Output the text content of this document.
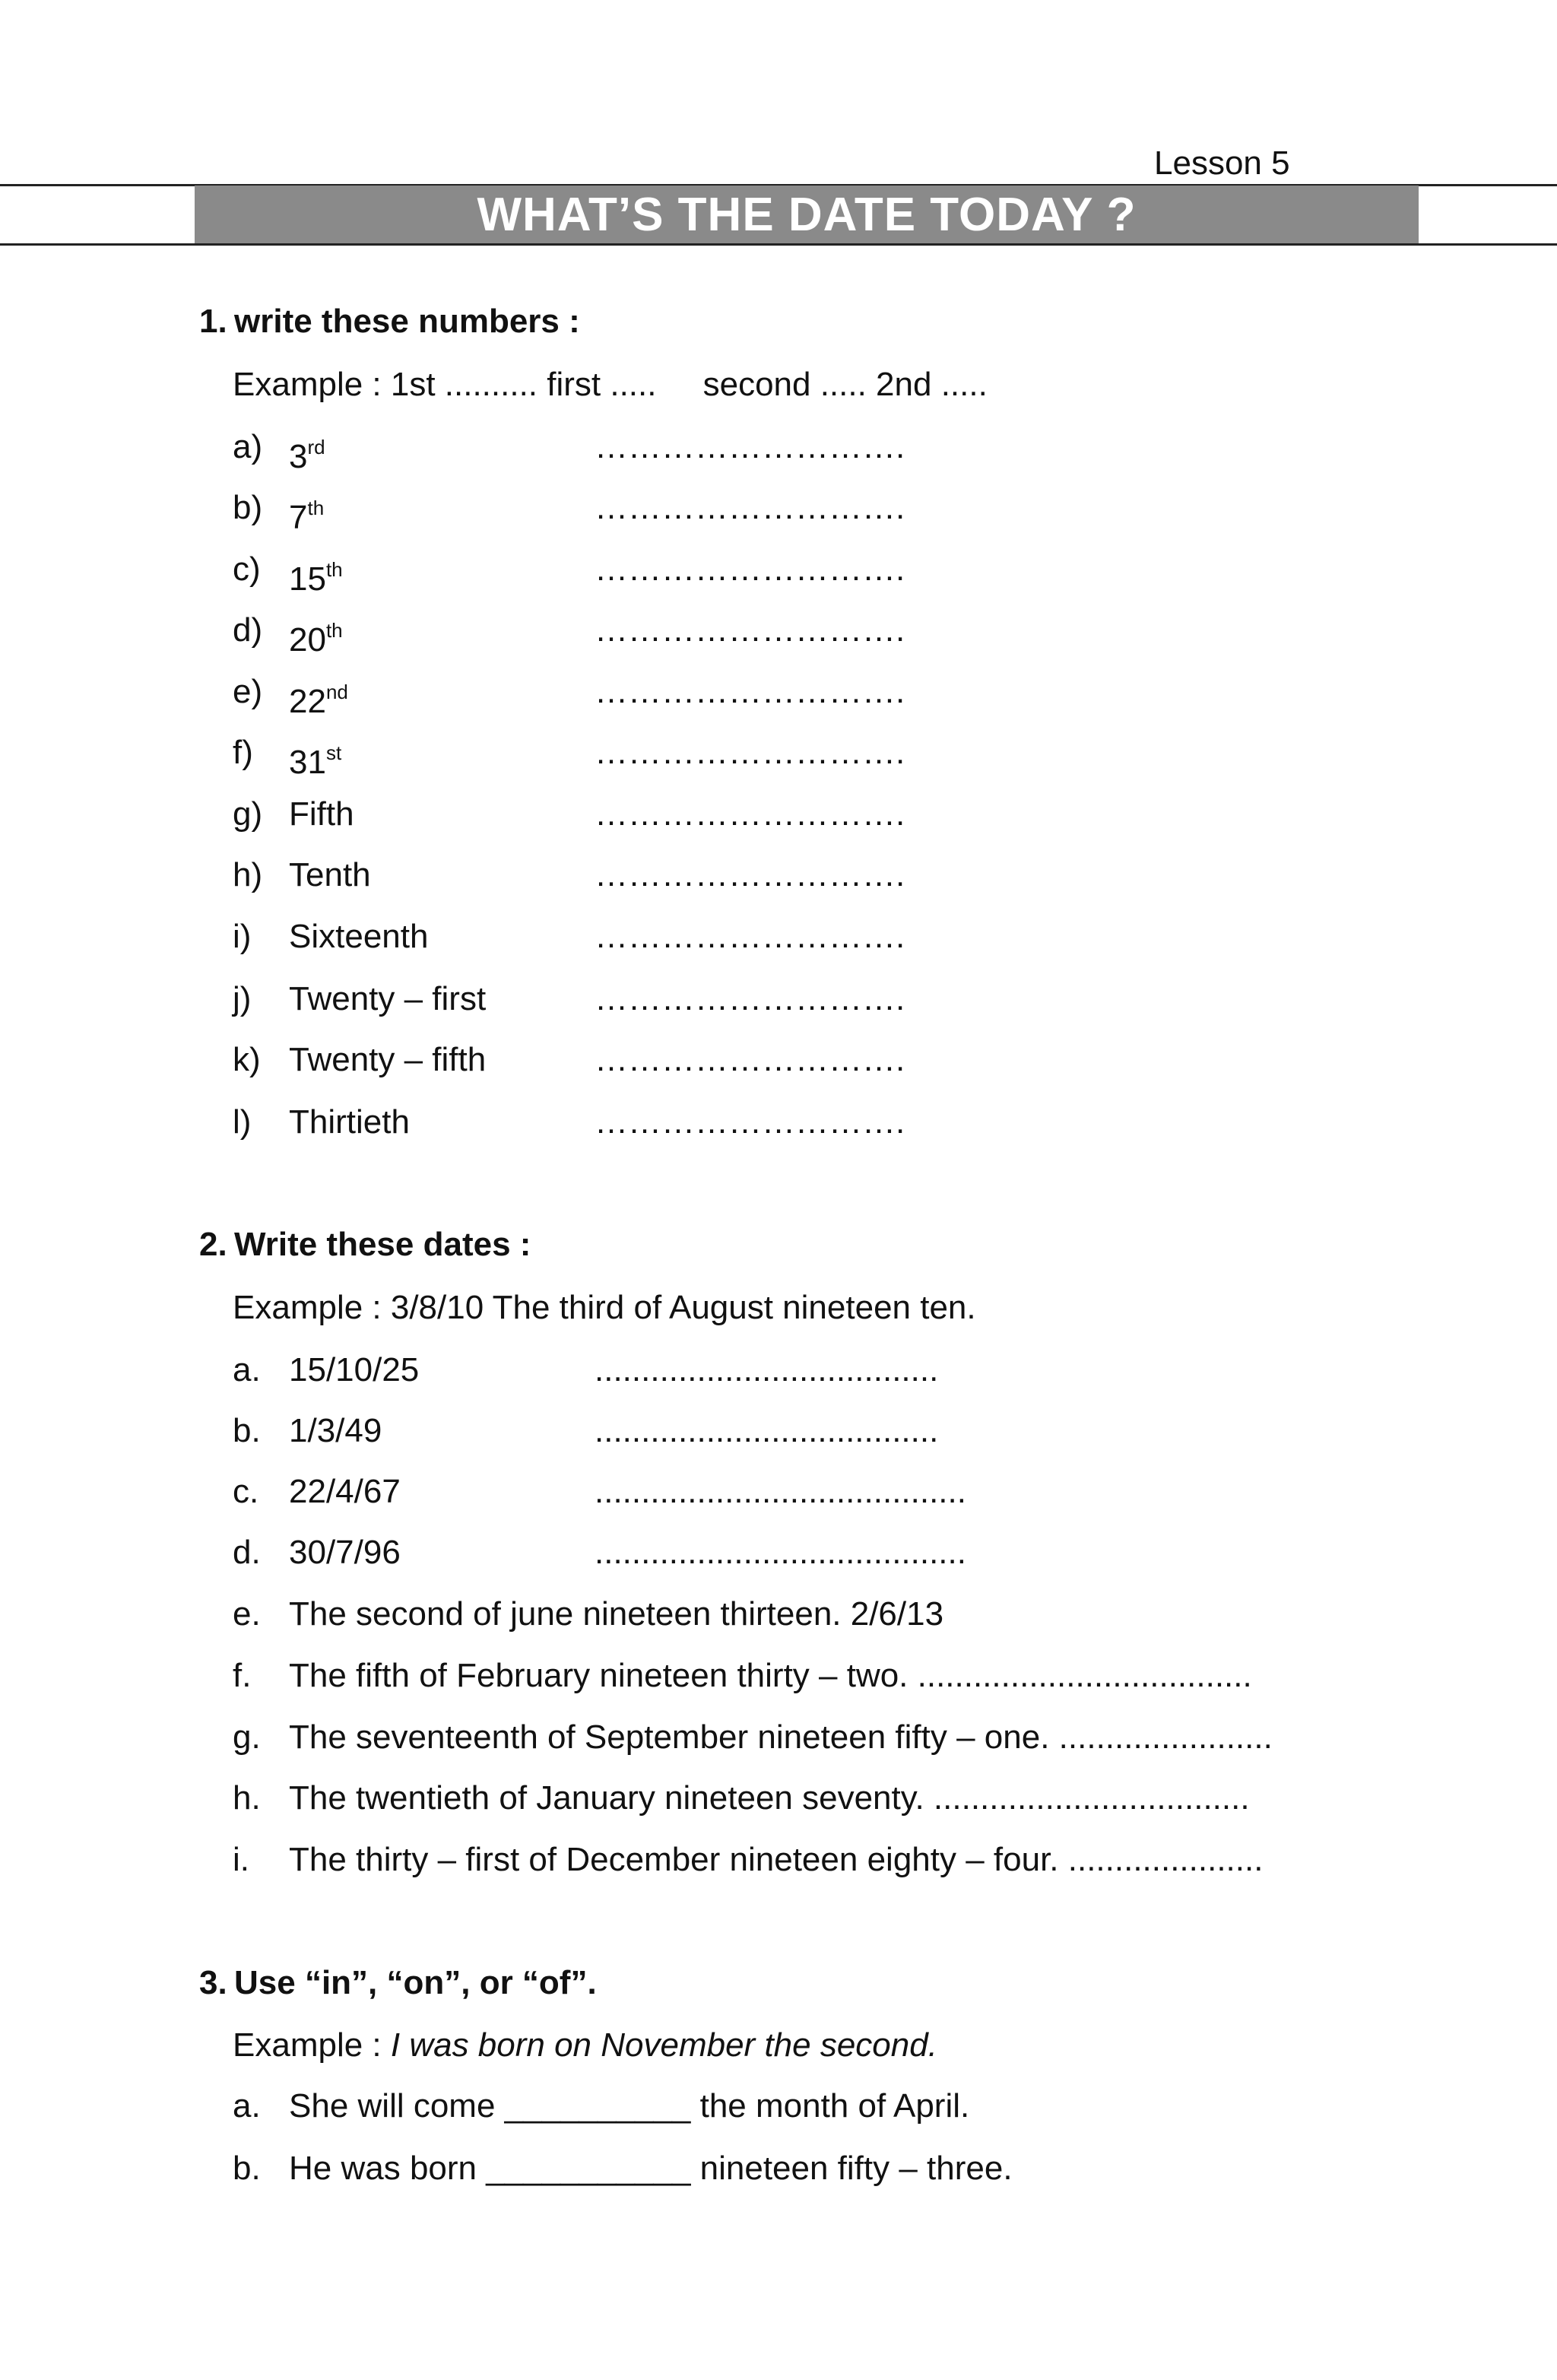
Lesson 5
WHAT’S THE DATE TODAY ?
1. write these numbers :
Example : 1st .......... first .....     second ..... 2nd .....
a) 3rd	……………………….
b) 7th	……………………….
c) 15th	……………………….
d) 20th	……………………….
e) 22nd	……………………….
f) 31st	……………………….
g) Fifth	……………………….
h) Tenth	……………………….
i) Sixteenth	……………………….
j) Twenty – first	……………………….
k) Twenty – fifth	……………………….
l) Thirtieth	……………………….
2. Write these dates :
Example : 3/8/10 The third of August nineteen ten.
a. 15/10/25	.....................................
b. 1/3/49	.....................................
c. 22/4/67	........................................
d. 30/7/96	........................................
e. The second of june nineteen thirteen. 2/6/13
f. The fifth of February nineteen thirty – two. ....................................
g. The seventeenth of September nineteen fifty – one. .......................
h. The twentieth of January nineteen seventy. ..................................
i. The thirty – first of December nineteen eighty – four. .....................
3. Use “in”, “on”, or “of”.
Example : I was born on November the second.
a. She will come __________ the month of April.
b. He was born ___________ nineteen fifty – three.
